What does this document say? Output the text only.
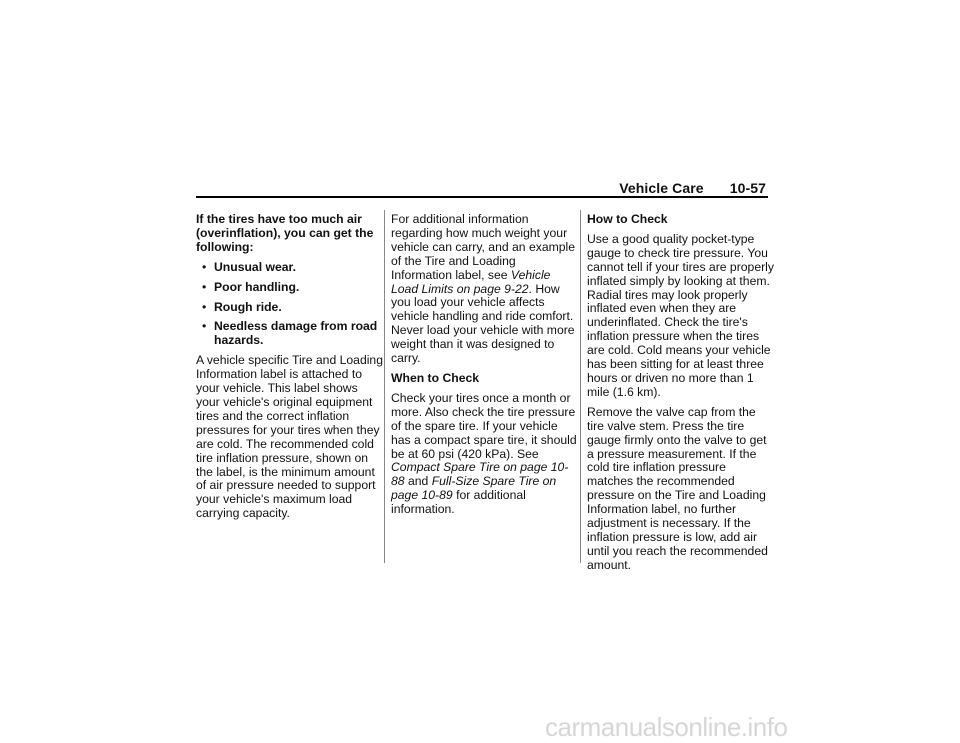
Vehicle Care 10-57

If the tires have too much air (overinflation), you can get the following:

• Unusual wear.
• Poor handling.
• Rough ride.
• Needless damage from road hazards.

A vehicle specific Tire and Loading Information label is attached to your vehicle. This label shows your vehicle's original equipment tires and the correct inflation pressures for your tires when they are cold. The recommended cold tire inflation pressure, shown on the label, is the minimum amount of air pressure needed to support your vehicle's maximum load carrying capacity.

For additional information regarding how much weight your vehicle can carry, and an example of the Tire and Loading Information label, see Vehicle Load Limits on page 9-22. How you load your vehicle affects vehicle handling and ride comfort. Never load your vehicle with more weight than it was designed to carry.

When to Check

Check your tires once a month or more. Also check the tire pressure of the spare tire. If your vehicle has a compact spare tire, it should be at 60 psi (420 kPa). See Compact Spare Tire on page 10-88 and Full-Size Spare Tire on page 10-89 for additional information.

How to Check

Use a good quality pocket-type gauge to check tire pressure. You cannot tell if your tires are properly inflated simply by looking at them. Radial tires may look properly inflated even when they are underinflated. Check the tire's inflation pressure when the tires are cold. Cold means your vehicle has been sitting for at least three hours or driven no more than 1 mile (1.6 km).

Remove the valve cap from the tire valve stem. Press the tire gauge firmly onto the valve to get a pressure measurement. If the cold tire inflation pressure matches the recommended pressure on the Tire and Loading Information label, no further adjustment is necessary. If the inflation pressure is low, add air until you reach the recommended amount.

carmanualsonline.info
